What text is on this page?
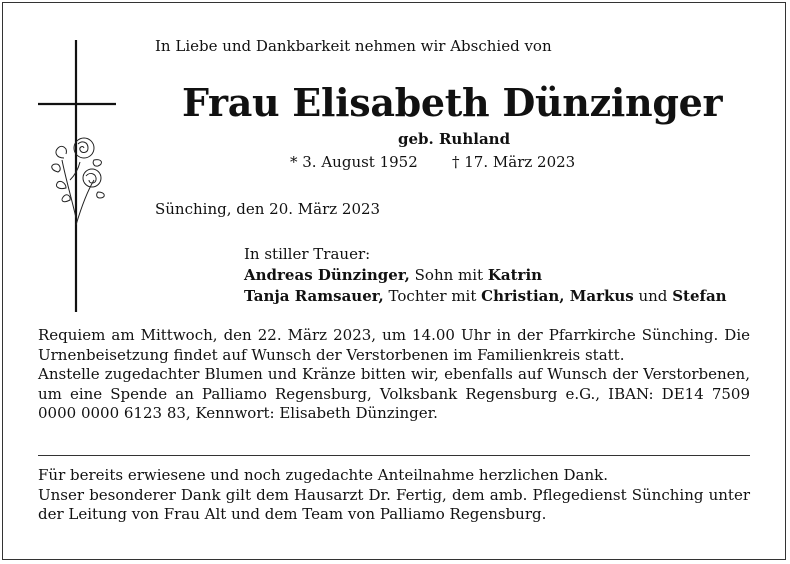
In Liebe und Dankbarkeit nehmen wir Abschied von
Frau Elisabeth Dünzinger
geb. Ruhland
* 3. August 1952 † 17. März 2023
Sünching, den 20. März 2023
In stiller Trauer:
Andreas Dünzinger, Sohn mit Katrin
Tanja Ramsauer, Tochter mit Christian, Markus und Stefan

Requiem am Mittwoch, den 22. März 2023, um 14.00 Uhr in der Pfarrkirche Sünching. Die Urnenbeisetzung findet auf Wunsch der Verstorbenen im Familienkreis statt.

Anstelle zugedachter Blumen und Kränze bitten wir, ebenfalls auf Wunsch der Verstorbenen, um eine Spende an Palliamo Regensburg, Volksbank Regensburg e.G., IBAN: DE14 7509 0000 0000 6123 83, Kennwort: Elisabeth Dünzinger.

Für bereits erwiesene und noch zugedachte Anteilnahme herzlichen Dank.

Unser besonderer Dank gilt dem Hausarzt Dr. Fertig, dem amb. Pflegedienst Sünching unter der Leitung von Frau Alt und dem Team von Palliamo Regensburg.
